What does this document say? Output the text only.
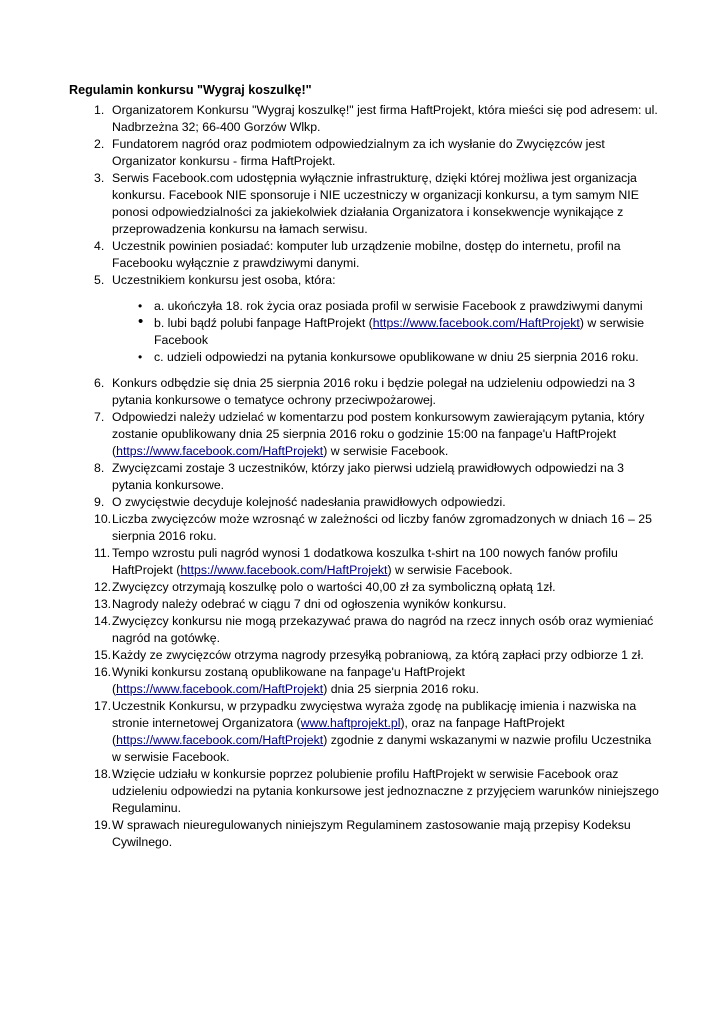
Regulamin konkursu "Wygraj koszulkę!"
1. Organizatorem Konkursu "Wygraj koszulkę!" jest firma HaftProjekt, która mieści się pod adresem: ul. Nadbrzeżna 32; 66-400 Gorzów Wlkp.
2. Fundatorem nagród oraz podmiotem odpowiedzialnym za ich wysłanie do Zwycięzców jest Organizator konkursu - firma HaftProjekt.
3. Serwis Facebook.com udostępnia wyłącznie infrastrukturę, dzięki której możliwa jest organizacja konkursu. Facebook NIE sponsoruje i NIE uczestniczy w organizacji konkursu, a tym samym NIE ponosi odpowiedzialności za jakiekolwiek działania Organizatora i konsekwencje wynikające z przeprowadzenia konkursu na łamach serwisu.
4. Uczestnik powinien posiadać: komputer lub urządzenie mobilne, dostęp do internetu, profil na Facebooku wyłącznie z prawdziwymi danymi.
5. Uczestnikiem konkursu jest osoba, która:
• a. ukończyła 18. rok życia oraz posiada profil w serwisie Facebook z prawdziwymi danymi
• b. lubi bądź polubi fanpage HaftProjekt (https://www.facebook.com/HaftProjekt) w serwisie Facebook
• c. udzieli odpowiedzi na pytania konkursowe opublikowane w dniu 25 sierpnia 2016 roku.
6. Konkurs odbędzie się dnia 25 sierpnia 2016 roku i będzie polegał na udzieleniu odpowiedzi na 3 pytania konkursowe o tematyce ochrony przeciwpożarowej.
7. Odpowiedzi należy udzielać w komentarzu pod postem konkursowym zawierającym pytania, który zostanie opublikowany dnia 25 sierpnia 2016 roku o godzinie 15:00 na fanpage'u HaftProjekt (https://www.facebook.com/HaftProjekt) w serwisie Facebook.
8. Zwycięzcami zostaje 3 uczestników, którzy jako pierwsi udzielą prawidłowych odpowiedzi na 3 pytania konkursowe.
9. O zwycięstwie decyduje kolejność nadesłania prawidłowych odpowiedzi.
10. Liczba zwycięzców może wzrosnąć w zależności od liczby fanów zgromadzonych w dniach 16 – 25 sierpnia 2016 roku.
11. Tempo wzrostu puli nagród wynosi 1 dodatkowa koszulka t-shirt na 100 nowych fanów profilu HaftProjekt (https://www.facebook.com/HaftProjekt) w serwisie Facebook.
12. Zwycięzcy otrzymają koszulkę polo o wartości 40,00 zł za symboliczną opłatą 1zł.
13. Nagrody należy odebrać w ciągu 7 dni od ogłoszenia wyników konkursu.
14. Zwycięzcy konkursu nie mogą przekazywać prawa do nagród na rzecz innych osób oraz wymieniać nagród na gotówkę.
15. Każdy ze zwycięzców otrzyma nagrody przesyłką pobraniową, za którą zapłaci przy odbiorze 1 zł.
16. Wyniki konkursu zostaną opublikowane na fanpage'u HaftProjekt (https://www.facebook.com/HaftProjekt) dnia 25 sierpnia 2016 roku.
17. Uczestnik Konkursu, w przypadku zwycięstwa wyraża zgodę na publikację imienia i nazwiska na stronie internetowej Organizatora (www.haftprojekt.pl), oraz na fanpage HaftProjekt (https://www.facebook.com/HaftProjekt) zgodnie z danymi wskazanymi w nazwie profilu Uczestnika w serwisie Facebook.
18. Wzięcie udziału w konkursie poprzez polubienie profilu HaftProjekt w serwisie Facebook oraz udzieleniu odpowiedzi na pytania konkursowe jest jednoznaczne z przyjęciem warunków niniejszego Regulaminu.
19. W sprawach nieuregulowanych niniejszym Regulaminem zastosowanie mają przepisy Kodeksu Cywilnego.
